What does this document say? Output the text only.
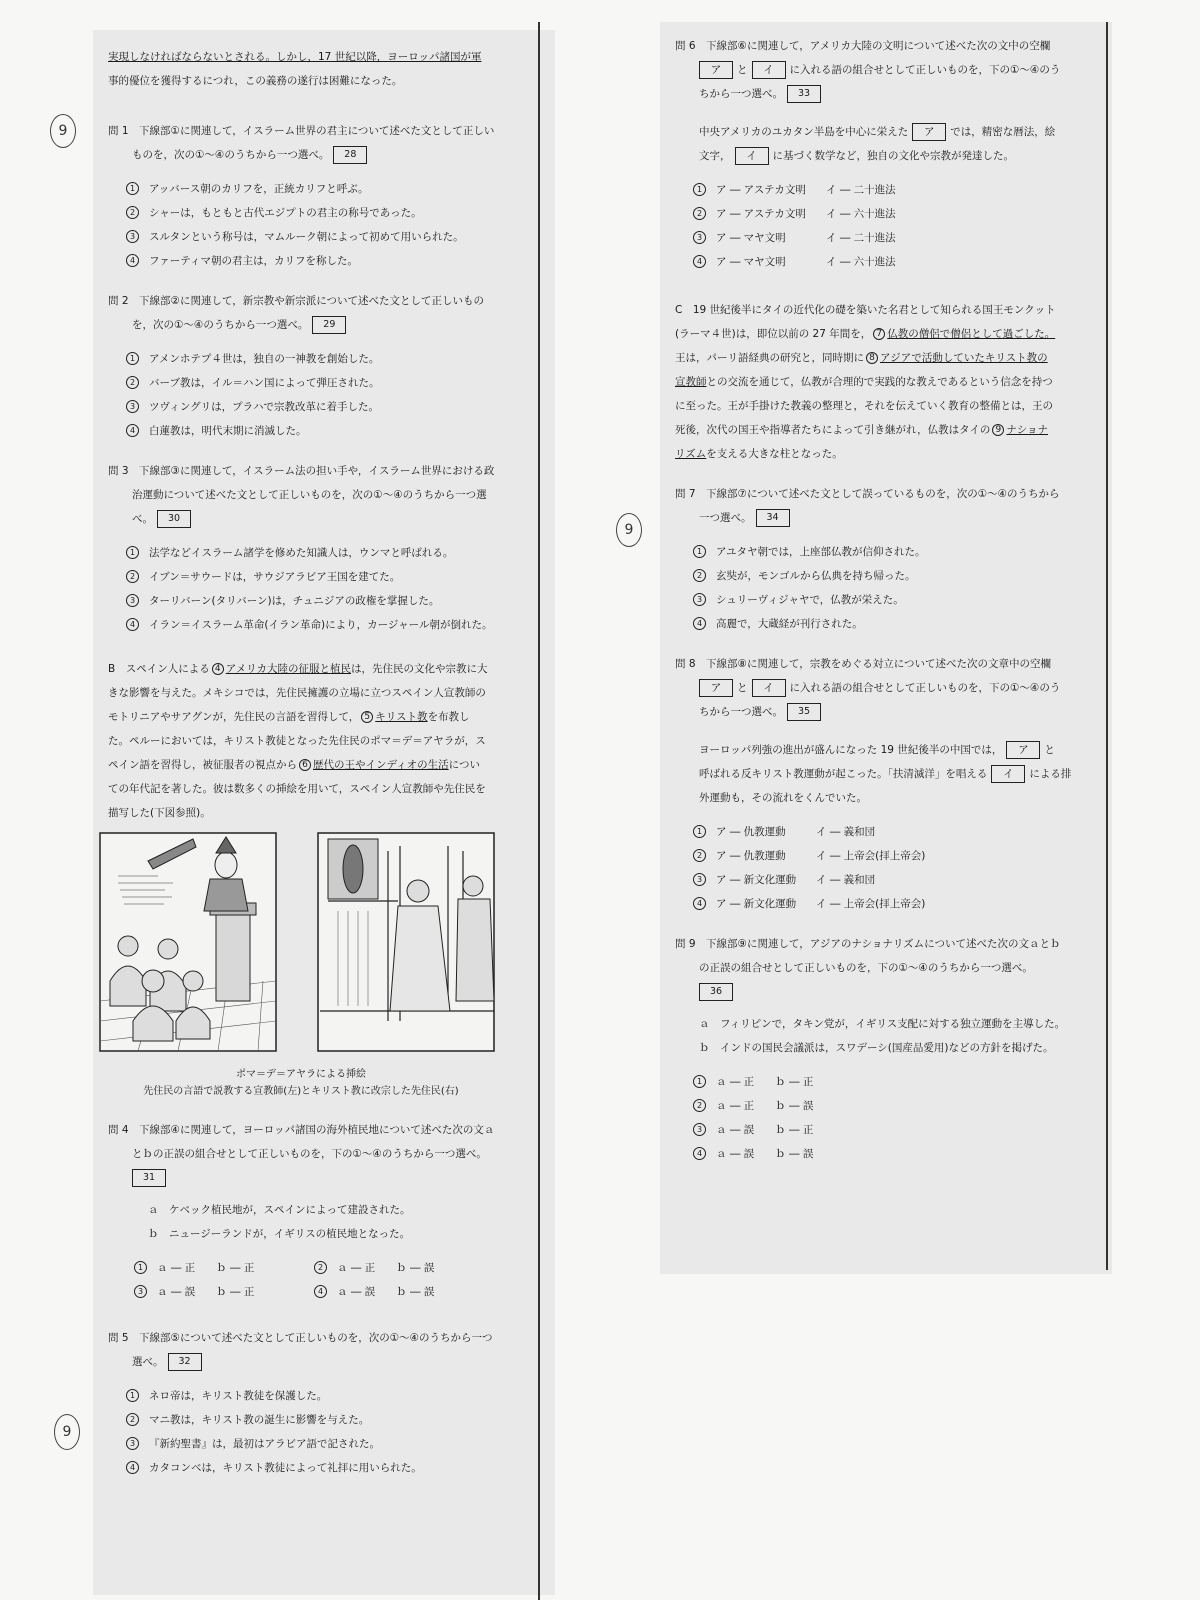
9
9
9
実現しなければならないとされる。しかし，17 世紀以降，ヨーロッパ諸国が軍
事的優位を獲得するにつれ，この義務の遂行は困難になった。
問 1　 下線部①に関連して，イスラーム世界の君主について述べた文として正しい
ものを，次の①～④のうちから一つ選べ。 28
1 アッバース朝のカリフを，正統カリフと呼ぶ。
2 シャーは，もともと古代エジプトの君主の称号であった。
3 スルタンという称号は，マムルーク朝によって初めて用いられた。
4 ファーティマ朝の君主は，カリフを称した。
問 2　 下線部②に関連して，新宗教や新宗派について述べた文として正しいもの
を，次の①～④のうちから一つ選べ。 29
1 アメンホテプ４世は，独自の一神教を創始した。
2 バーブ教は，イル＝ハン国によって弾圧された。
3 ツヴィングリは，プラハで宗教改革に着手した。
4 白蓮教は，明代末期に消滅した。
問 3　 下線部③に関連して，イスラーム法の担い手や，イスラーム世界における政
治運動について述べた文として正しいものを，次の①～④のうちから一つ選
べ。 30
1 法学などイスラーム諸学を修めた知識人は，ウンマと呼ばれる。
2 イブン＝サウードは，サウジアラビア王国を建てた。
3 ターリバーン(タリバーン)は，チュニジアの政権を掌握した。
4 イラン＝イスラーム革命(イラン革命)により，カージャール朝が倒れた。
B　 スペイン人による 4 アメリカ大陸の征服と植民は，先住民の文化や宗教に大
きな影響を与えた。メキシコでは，先住民擁護の立場に立つスペイン人宣教師の
モトリニアやサアグンが，先住民の言語を習得して， 5 キリスト教を布教し
た。ペルーにおいては，キリスト教徒となった先住民のポマ＝デ＝アヤラが，ス
ペイン語を習得し，被征服者の視点から 6 歴代の王やインディオの生活につい
ての年代記を著した。彼は数多くの挿絵を用いて，スペイン人宣教師や先住民を
描写した(下図参照)。
ポマ＝デ＝アヤラによる挿絵
先住民の言語で説教する宣教師(左)とキリスト教に改宗した先住民(右)
問 4　 下線部④に関連して，ヨーロッパ諸国の海外植民地について述べた次の文ａ
とｂの正誤の組合せとして正しいものを，下の①～④のうちから一つ選べ。
31
ａ　ケベック植民地が，スペインによって建設された。
ｂ　ニュージーランドが，イギリスの植民地となった。
1 ａ ― 正　　ｂ ― 正	2 ａ ― 正　　ｂ ― 誤
3 ａ ― 誤　　ｂ ― 正	4 ａ ― 誤　　ｂ ― 誤
問 5　 下線部⑤について述べた文として正しいものを，次の①～④のうちから一つ
選べ。 32
1 ネロ帝は，キリスト教徒を保護した。
2 マニ教は，キリスト教の誕生に影響を与えた。
3 『新約聖書』は，最初はアラビア語で記された。
4 カタコンベは，キリスト教徒によって礼拝に用いられた。
問 6　 下線部⑥に関連して，アメリカ大陸の文明について述べた次の文中の空欄
ア と イ に入れる語の組合せとして正しいものを，下の①～④のう
ちから一つ選べ。 33
中央アメリカのユカタン半島を中心に栄えた ア では，精密な暦法，絵
文字， イ に基づく数学など，独自の文化や宗教が発達した。
1 ア ― アステカ文明 イ ― 二十進法
2 ア ― アステカ文明 イ ― 六十進法
3 ア ― マヤ文明	イ ― 二十進法
4 ア ― マヤ文明	イ ― 六十進法
C　 19 世紀後半にタイの近代化の礎を築いた名君として知られる国王モンクット
(ラーマ４世)は，即位以前の 27 年間を， 7 仏教の僧侶で僧侶として過ごした。
王は，パーリ語経典の研究と，同時期に 8 アジアで活動していたキリスト教の
宣教師との交流を通じて，仏教が合理的で実践的な教えであるという信念を持つ
に至った。王が手掛けた教義の整理と，それを伝えていく教育の整備とは，王の
死後，次代の国王や指導者たちによって引き継がれ，仏教はタイの 9 ナショナ
リズムを支える大きな柱となった。
問 7　 下線部⑦について述べた文として誤っているものを，次の①～④のうちから
一つ選べ。 34
1 アユタヤ朝では，上座部仏教が信仰された。
2 玄奘が，モンゴルから仏典を持ち帰った。
3 シュリーヴィジャヤで，仏教が栄えた。
4 高麗で，大蔵経が刊行された。
問 8　 下線部⑧に関連して，宗教をめぐる対立について述べた次の文章中の空欄
ア と イ に入れる語の組合せとして正しいものを，下の①～④のう
ちから一つ選べ。 35
ヨーロッパ列強の進出が盛んになった 19 世紀後半の中国では， ア と
呼ばれる反キリスト教運動が起こった。「扶清滅洋」を唱える イ による排
外運動も，その流れをくんでいた。
1 ア ― 仇教運動	イ ― 義和団
2 ア ― 仇教運動	イ ― 上帝会(拝上帝会)
3 ア ― 新文化運動 イ ― 義和団
4 ア ― 新文化運動 イ ― 上帝会(拝上帝会)
問 9　 下線部⑨に関連して，アジアのナショナリズムについて述べた次の文ａとｂ
の正誤の組合せとして正しいものを，下の①～④のうちから一つ選べ。
36
ａ　フィリピンで，タキン党が，イギリス支配に対する独立運動を主導した。
ｂ　インドの国民会議派は，スワデーシ(国産品愛用)などの方針を掲げた。
1 ａ ― 正　　ｂ ― 正
2 ａ ― 正　　ｂ ― 誤
3 ａ ― 誤　　ｂ ― 正
4 ａ ― 誤　　ｂ ― 誤
